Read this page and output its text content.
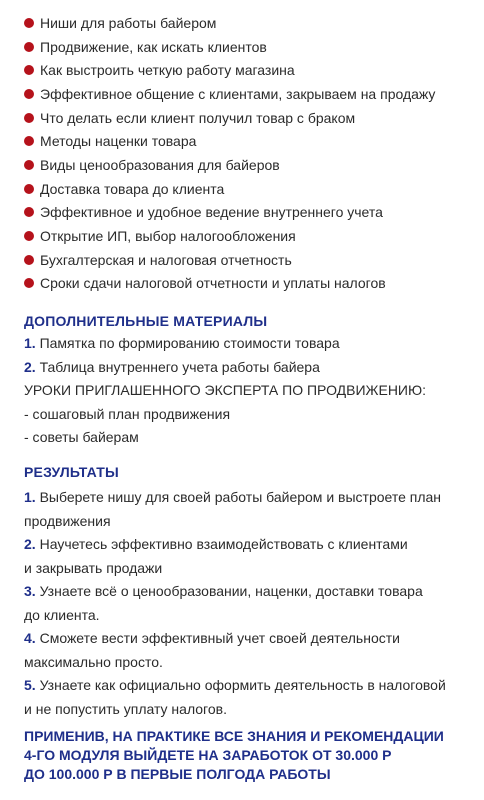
Ниши для работы байером
Продвижение, как искать клиентов
Как выстроить четкую работу магазина
Эффективное общение с клиентами, закрываем на продажу
Что делать если клиент получил товар с браком
Методы наценки товара
Виды ценообразования для байеров
Доставка товара до клиента
Эффективное и удобное ведение внутреннего учета
Открытие ИП, выбор налогообложения
Бухгалтерская и налоговая отчетность
Сроки сдачи налоговой отчетности и уплаты налогов
ДОПОЛНИТЕЛЬНЫЕ МАТЕРИАЛЫ

1. Памятка по формированию стоимости товара

2. Таблица внутреннего учета работы байера

УРОКИ ПРИГЛАШЕННОГО ЭКСПЕРТА ПО ПРОДВИЖЕНИЮ:

- сошаговый план продвижения

- советы байерам

РЕЗУЛЬТАТЫ

1. Выберете нишу для своей работы байером и выстроете план

продвижения

2. Научетесь эффективно взаимодействовать с клиентами

и закрывать продажи

3. Узнаете всё о ценообразовании, наценки, доставки товара

до клиента.

4. Сможете вести эффективный учет своей деятельности

максимально просто.

5. Узнаете как официально оформить деятельность в налоговой

и не попустить уплату налогов.

ПРИМЕНИВ, НА ПРАКТИКЕ ВСЕ ЗНАНИЯ И РЕКОМЕНДАЦИИ
4-ГО МОДУЛЯ ВЫЙДЕТЕ НА ЗАРАБОТОК ОТ 30.000 Р
ДО 100.000 Р В ПЕРВЫЕ ПОЛГОДА РАБОТЫ
